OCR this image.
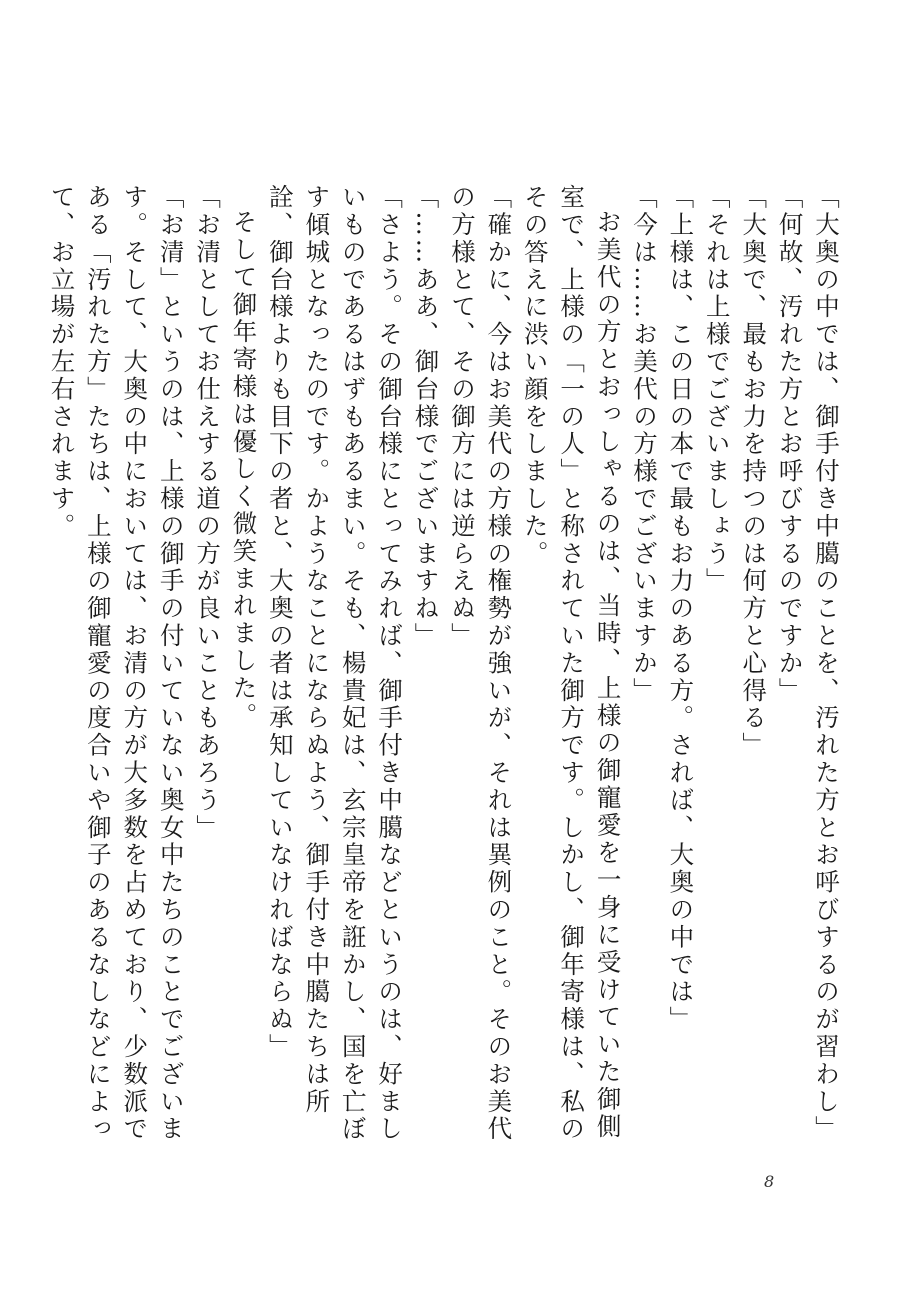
「大奥の中では、御手付き中臈のことを、汚れた方とお呼びするのが習わし」

「何故、汚れた方とお呼びするのですか」

「大奥で、最もお力を持つのは何方と心得る」

「それは上様でございましょう」

「上様は、この日の本で最もお力のある方。されば、大奥の中では」

「今は……お美代の方様でございますか」

お美代の方とおっしゃるのは、当時、上様の御寵愛を一身に受けていた御側室で、上様の「一の人」と称されていた御方です。しかし、御年寄様は、私のその答えに渋い顔をしました。

「確かに、今はお美代の方様の権勢が強いが、それは異例のこと。そのお美代の方様とて、その御方には逆らえぬ」

「……ああ、御台様でございますね」

「さよう。その御台様にとってみれば、御手付き中臈などというのは、好ましいものであるはずもあるまい。そも、楊貴妃は、玄宗皇帝を誑かし、国を亡ぼす傾城となったのです。かようなことにならぬよう、御手付き中臈たちは所詮、御台様よりも目下の者と、大奥の者は承知していなければならぬ」

そして御年寄様は優しく微笑まれました。

「お清としてお仕えする道の方が良いこともあろう」

「お清」というのは、上様の御手の付いていない奥女中たちのことでございます。そして、大奥の中においては、お清の方が大多数を占めており、少数派である「汚れた方」たちは、上様の御寵愛の度合いや御子のあるなしなどによって、お立場が左右されます。

8
